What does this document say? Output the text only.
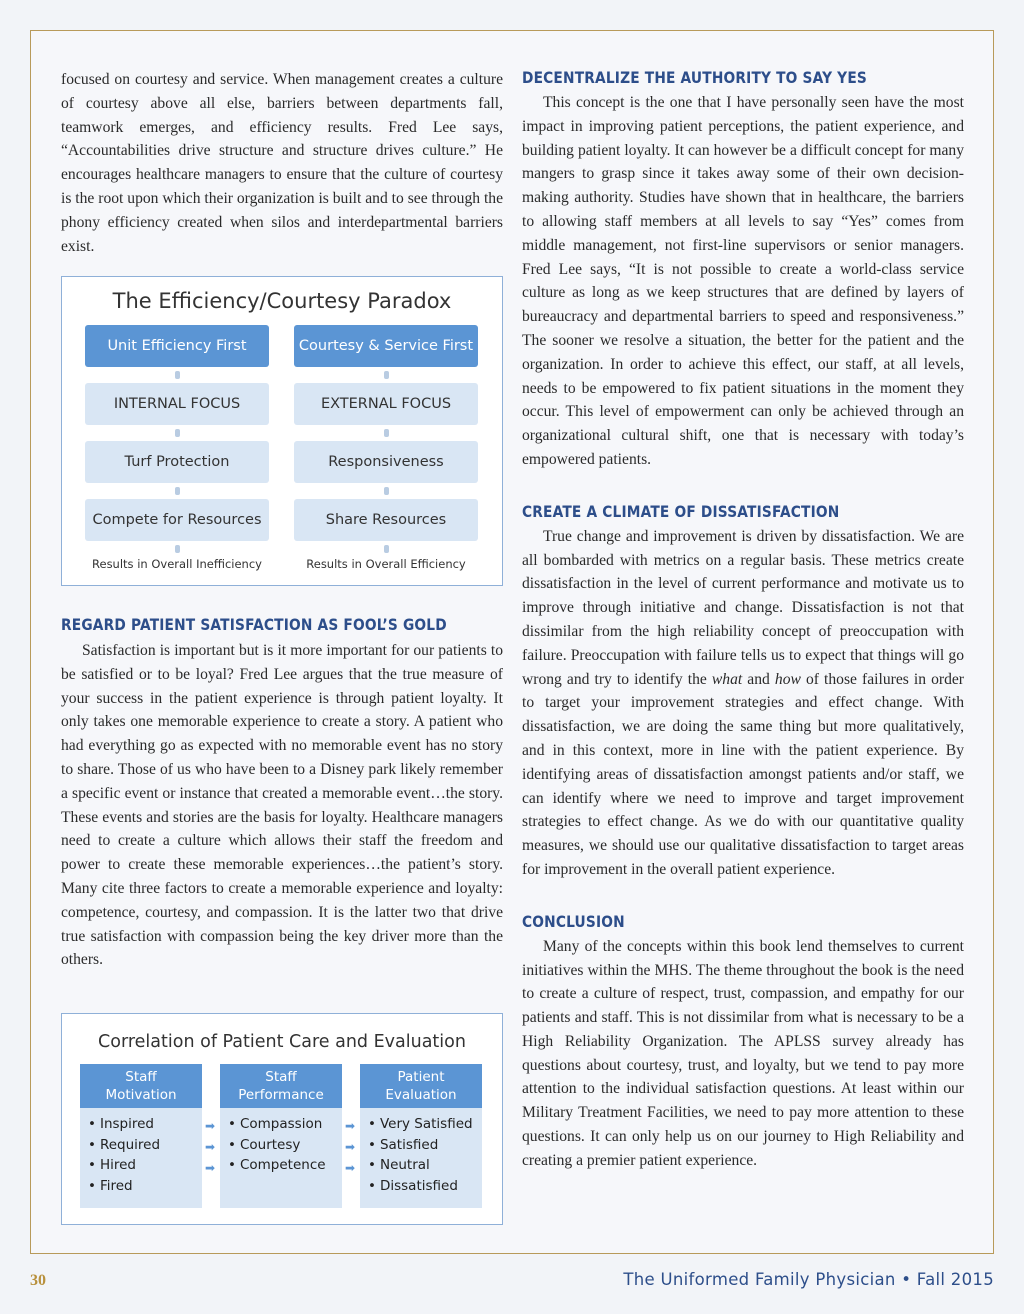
focused on courtesy and service. When management creates a culture of courtesy above all else, barriers between departments fall, teamwork emerges, and efficiency results. Fred Lee says, “Accountabilities drive structure and structure drives culture.” He encourages healthcare managers to ensure that the culture of courtesy is the root upon which their organization is built and to see through the phony efficiency created when silos and interdepartmental barriers exist.

The Efficiency/Courtesy Paradox
Unit Efficiency First
INTERNAL FOCUS
Turf Protection
Compete for Resources
Results in Overall Inefficiency
Courtesy & Service First
EXTERNAL FOCUS
Responsiveness
Share Resources
Results in Overall Efficiency
REGARD PATIENT SATISFACTION AS FOOL’S GOLD

Satisfaction is important but is it more important for our patients to be satisfied or to be loyal? Fred Lee argues that the true measure of your success in the patient experience is through patient loyalty. It only takes one memorable experience to create a story. A patient who had everything go as expected with no memorable event has no story to share. Those of us who have been to a Disney park likely remember a specific event or instance that created a memorable event…the story. These events and stories are the basis for loyalty. Healthcare managers need to create a culture which allows their staff the freedom and power to create these memorable experiences…the patient’s story. Many cite three factors to create a memorable experience and loyalty: competence, courtesy, and compassion. It is the latter two that drive true satisfaction with compassion being the key driver more than the others.

Correlation of Patient Care and Evaluation
Staff
Motivation
• Inspired
• Required
• Hired
• Fired
➡
➡
➡
Staff
Performance
• Compassion
• Courtesy
• Competence
➡
➡
➡
Patient
Evaluation
• Very Satisfied
• Satisfied
• Neutral
• Dissatisfied
DECENTRALIZE THE AUTHORITY TO SAY YES

This concept is the one that I have personally seen have the most impact in improving patient perceptions, the patient experience, and building patient loyalty. It can however be a difficult concept for many mangers to grasp since it takes away some of their own decision-making authority. Studies have shown that in healthcare, the barriers to allowing staff members at all levels to say “Yes” comes from middle management, not first-line supervisors or senior managers. Fred Lee says, “It is not possible to create a world-class service culture as long as we keep structures that are defined by layers of bureaucracy and departmental barriers to speed and responsiveness.” The sooner we resolve a situation, the better for the patient and the organization. In order to achieve this effect, our staff, at all levels, needs to be empowered to fix patient situations in the moment they occur. This level of empowerment can only be achieved through an organizational cultural shift, one that is necessary with today’s empowered patients.

CREATE A CLIMATE OF DISSATISFACTION

True change and improvement is driven by dissatisfaction. We are all bombarded with metrics on a regular basis. These metrics create dissatisfaction in the level of current performance and motivate us to improve through initiative and change. Dissatisfaction is not that dissimilar from the high reliability concept of preoccupation with failure. Preoccupation with failure tells us to expect that things will go wrong and try to identify the what and how of those failures in order to target your improvement strategies and effect change. With dissatisfaction, we are doing the same thing but more qualitatively, and in this context, more in line with the patient experience. By identifying areas of dissatisfaction amongst patients and/or staff, we can identify where we need to improve and target improvement strategies to effect change. As we do with our quantitative quality measures, we should use our qualitative dissatisfaction to target areas for improvement in the overall patient experience.

CONCLUSION

Many of the concepts within this book lend themselves to current initiatives within the MHS. The theme throughout the book is the need to create a culture of respect, trust, compassion, and empathy for our patients and staff. This is not dissimilar from what is necessary to be a High Reliability Organization. The APLSS survey already has questions about courtesy, trust, and loyalty, but we tend to pay more attention to the individual satisfaction questions. At least within our Military Treatment Facilities, we need to pay more attention to these questions. It can only help us on our journey to High Reliability and creating a premier patient experience.

30	The Uniformed Family Physician • Fall 2015
